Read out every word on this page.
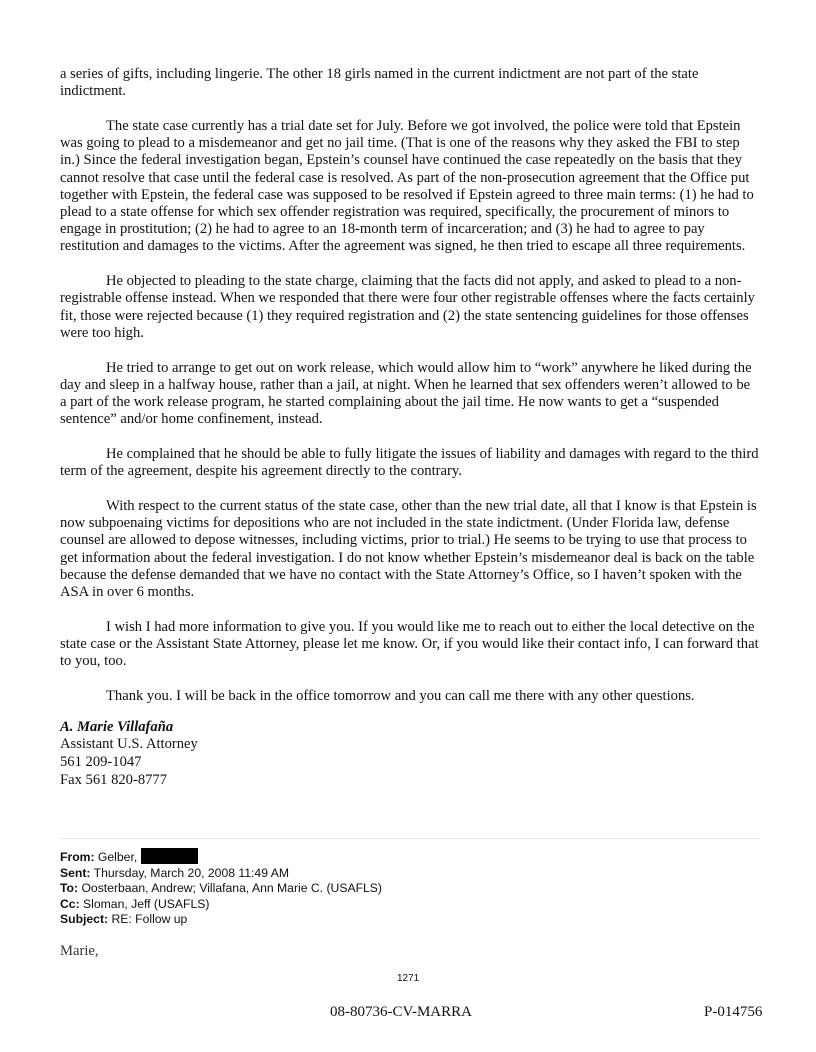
a series of gifts, including lingerie. The other 18 girls named in the current indictment are not part of the state indictment.

The state case currently has a trial date set for July. Before we got involved, the police were told that Epstein was going to plead to a misdemeanor and get no jail time. (That is one of the reasons why they asked the FBI to step in.) Since the federal investigation began, Epstein’s counsel have continued the case repeatedly on the basis that they cannot resolve that case until the federal case is resolved. As part of the non-prosecution agreement that the Office put together with Epstein, the federal case was supposed to be resolved if Epstein agreed to three main terms: (1) he had to plead to a state offense for which sex offender registration was required, specifically, the procurement of minors to engage in prostitution; (2) he had to agree to an 18-month term of incarceration; and (3) he had to agree to pay restitution and damages to the victims. After the agreement was signed, he then tried to escape all three requirements.

He objected to pleading to the state charge, claiming that the facts did not apply, and asked to plead to a non-registrable offense instead. When we responded that there were four other registrable offenses where the facts certainly fit, those were rejected because (1) they required registration and (2) the state sentencing guidelines for those offenses were too high.

He tried to arrange to get out on work release, which would allow him to “work” anywhere he liked during the day and sleep in a halfway house, rather than a jail, at night. When he learned that sex offenders weren’t allowed to be a part of the work release program, he started complaining about the jail time. He now wants to get a “suspended sentence” and/or home confinement, instead.

He complained that he should be able to fully litigate the issues of liability and damages with regard to the third term of the agreement, despite his agreement directly to the contrary.

With respect to the current status of the state case, other than the new trial date, all that I know is that Epstein is now subpoenaing victims for depositions who are not included in the state indictment. (Under Florida law, defense counsel are allowed to depose witnesses, including victims, prior to trial.) He seems to be trying to use that process to get information about the federal investigation. I do not know whether Epstein’s misdemeanor deal is back on the table because the defense demanded that we have no contact with the State Attorney’s Office, so I haven’t spoken with the ASA in over 6 months.

I wish I had more information to give you. If you would like me to reach out to either the local detective on the state case or the Assistant State Attorney, please let me know. Or, if you would like their contact info, I can forward that to you, too.

Thank you. I will be back in the office tomorrow and you can call me there with any other questions.

A. Marie Villafaña
Assistant U.S. Attorney
561 209-1047
Fax 561 820-8777
From: Gelber,
Sent: Thursday, March 20, 2008 11:49 AM
To: Oosterbaan, Andrew; Villafana, Ann Marie C. (USAFLS)
Cc: Sloman, Jeff (USAFLS)
Subject: RE: Follow up
Marie,
1271
08-80736-CV-MARRA	P-014756
